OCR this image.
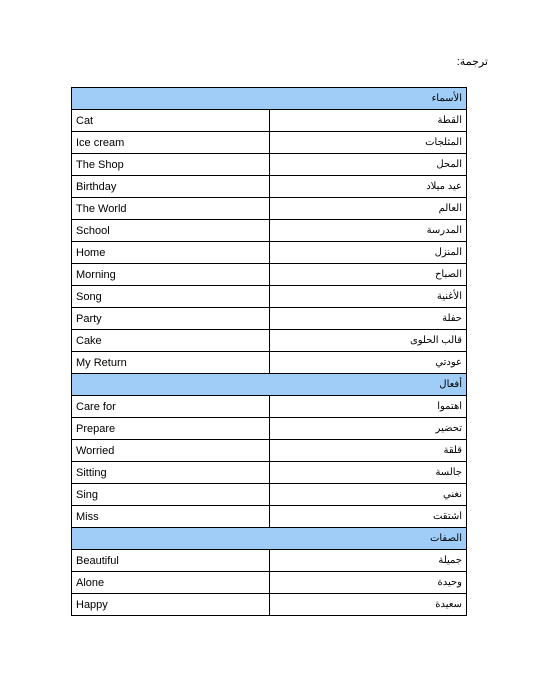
ترجمة:
الأسماء	
Cat	القطة
Ice cream	المثلجات
The Shop	المحل
Birthday	عيد ميلاد
The World	العالم
School	المدرسة
Home	المنزل
Morning	الصباح
Song	الأغنية
Party	حفلة
Cake	قالب الحلوى
My Return	عودتي
أفعال	
Care for	اهتموا
Prepare	تحضير
Worried	قلقة
Sitting	جالسة
Sing	نغني
Miss	اشتقت
الصفات	
Beautiful	جميلة
Alone	وحيدة
Happy	سعيدة
